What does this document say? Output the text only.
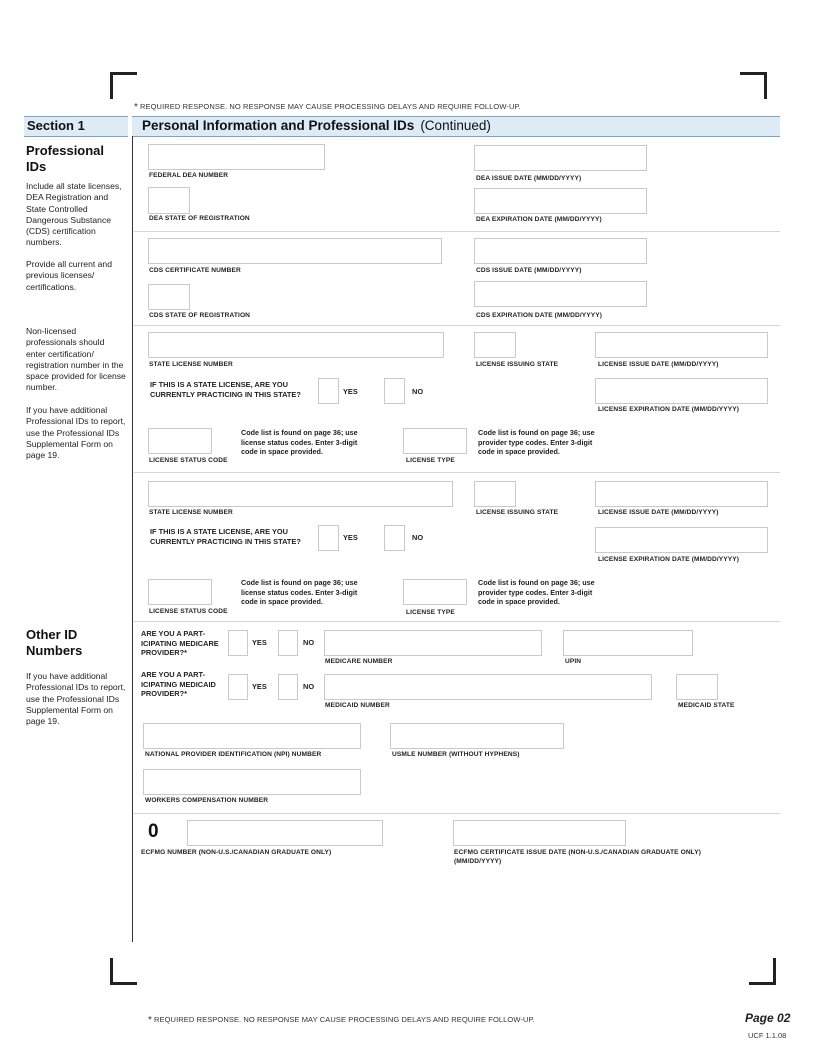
* REQUIRED RESPONSE. NO RESPONSE MAY CAUSE PROCESSING DELAYS AND REQUIRE FOLLOW-UP.
Section 1	Personal Information and Professional IDs (Continued)
Professional IDs
Include all state licenses, DEA Registration and State Controlled Dangerous Substance (CDS) certification numbers.
Provide all current and previous licenses/ certifications.
Non-licensed professionals should enter certification/ registration number in the space provided for license number.
If you have additional Professional IDs to report, use the Professional IDs Supplemental Form on page 19.
Other ID Numbers
If you have additional Professional IDs to report, use the Professional IDs Supplemental Form on page 19.
FEDERAL DEA NUMBER	DEA ISSUE DATE (MM/DD/YYYY)
DEA STATE OF REGISTRATION	DEA EXPIRATION DATE (MM/DD/YYYY)
CDS CERTIFICATE NUMBER	CDS ISSUE DATE (MM/DD/YYYY)
CDS STATE OF REGISTRATION	CDS EXPIRATION DATE (MM/DD/YYYY)
STATE LICENSE NUMBER	LICENSE ISSUING STATE	LICENSE ISSUE DATE (MM/DD/YYYY)
IF THIS IS A STATE LICENSE, ARE YOU CURRENTLY PRACTICING IN THIS STATE?	YES	NO
LICENSE EXPIRATION DATE (MM/DD/YYYY)
Code list is found on page 36; use license status codes. Enter 3-digit code in space provided.
LICENSE STATUS CODE
Code list is found on page 36; use provider type codes. Enter 3-digit code in space provided.
LICENSE TYPE
STATE LICENSE NUMBER	LICENSE ISSUING STATE	LICENSE ISSUE DATE (MM/DD/YYYY)
IF THIS IS A STATE LICENSE, ARE YOU CURRENTLY PRACTICING IN THIS STATE?	YES	NO
LICENSE EXPIRATION DATE (MM/DD/YYYY)
Code list is found on page 36; use license status codes. Enter 3-digit code in space provided.
LICENSE STATUS CODE
Code list is found on page 36; use provider type codes. Enter 3-digit code in space provided.
LICENSE TYPE
ARE YOU A PART- ICIPATING MEDICARE PROVIDER?*
YES	NO
MEDICARE NUMBER	UPIN
ARE YOU A PART- ICIPATING MEDICAID PROVIDER?*
YES	NO
MEDICAID NUMBER	MEDICAID STATE
NATIONAL PROVIDER IDENTIFICATION (NPI) NUMBER	USMLE NUMBER (WITHOUT HYPHENS)
WORKERS COMPENSATION NUMBER
0
ECFMG NUMBER (NON-U.S./CANADIAN GRADUATE ONLY)	ECFMG CERTIFICATE ISSUE DATE (NON-U.S./CANADIAN GRADUATE ONLY) (MM/DD/YYYY)
* REQUIRED RESPONSE. NO RESPONSE MAY CAUSE PROCESSING DELAYS AND REQUIRE FOLLOW-UP.	Page 02
UCF 1.1.08
